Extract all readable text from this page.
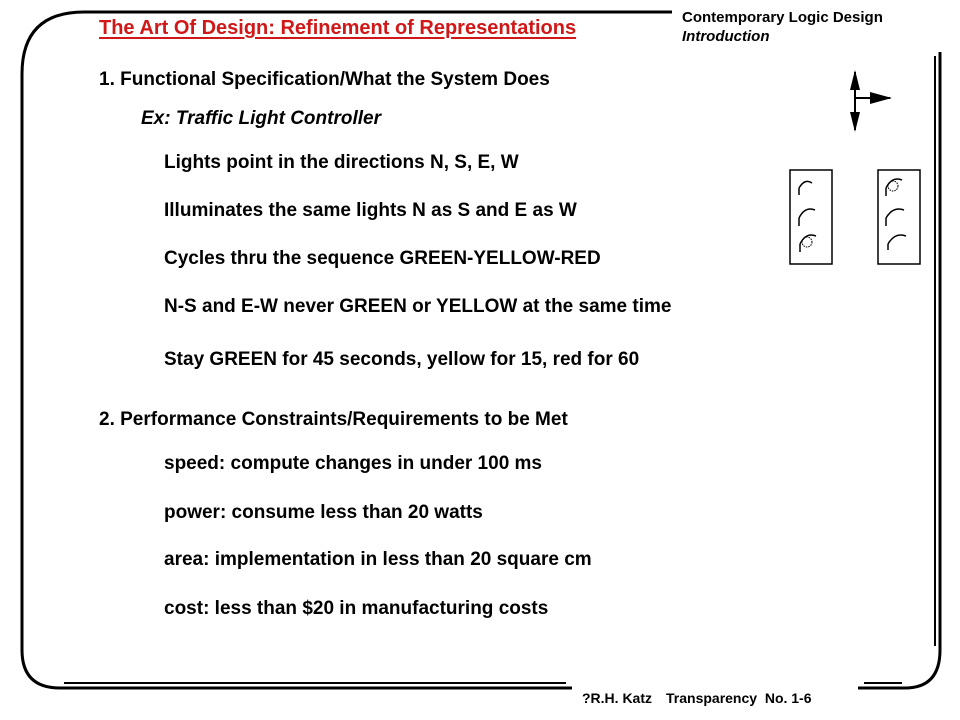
The Art Of Design: Refinement of Representations	Contemporary Logic Design
Introduction
1. Functional Specification/What the System Does
Ex: Traffic Light Controller
Lights point in the directions N, S, E, W
Illuminates the same lights N as S and E as W
Cycles thru the sequence GREEN-YELLOW-RED
N-S and E-W never GREEN or YELLOW at the same time
Stay GREEN for 45 seconds, yellow for 15, red for 60
2. Performance Constraints/Requirements to be Met
speed: compute changes in under 100 ms
power: consume less than 20 watts
area: implementation in less than 20 square cm
cost: less than $20 in manufacturing costs
?R.H. Katz Transparency  No. 1-6
